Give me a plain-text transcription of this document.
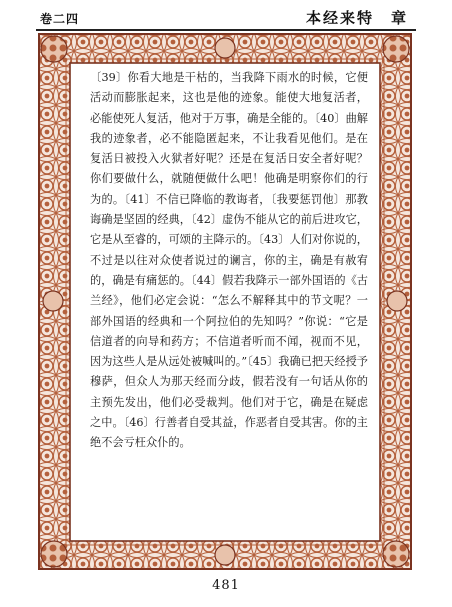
卷二四	本经来特　章

〔39〕你看大地是干枯的，当我降下雨水的时候，它便活动而膨胀起来，这也是他的迹象。能使大地复活者，必能使死人复活，他对于万事，确是全能的。〔40〕曲解我的迹象者，必不能隐匿起来，不让我看见他们。是在复活日被投入火狱者好呢？还是在复活日安全者好呢？你们要做什么，就随便做什么吧！他确是明察你们的行为的。〔41〕不信已降临的教诲者，〔我要惩罚他〕那教诲确是坚固的经典，〔42〕虚伪不能从它的前后进攻它，它是从至睿的，可颂的主降示的。〔43〕人们对你说的，不过是以往对众使者说过的谰言，你的主，确是有赦宥的，确是有痛惩的。〔44〕假若我降示一部外国语的《古兰经》，他们必定会说：“怎么不解释其中的节文呢？一部外国语的经典和一个阿拉伯的先知吗？”你说：“它是信道者的向导和药方；不信道者听而不闻，视而不见，因为这些人是从远处被喊叫的。”〔45〕我确已把天经授予穆萨，但众人为那天经而分歧，假若没有一句话从你的主预先发出，他们必受裁判。他们对于它，确是在疑虑之中。〔46〕行善者自受其益，作恶者自受其害。你的主绝不会亏枉众仆的。

481
